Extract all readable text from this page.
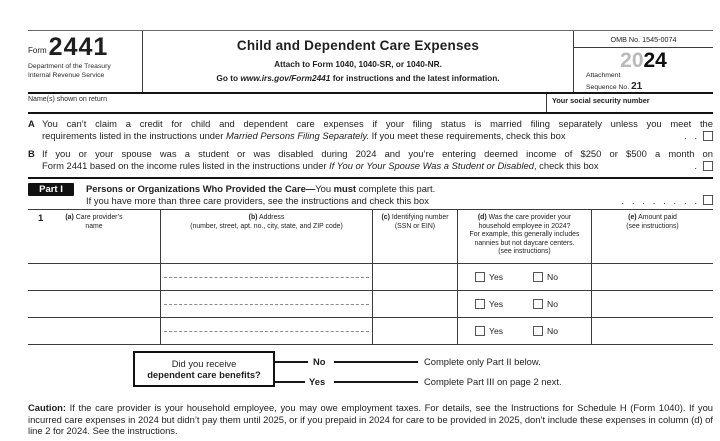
Form 2441
Department of the Treasury
Internal Revenue Service
Child and Dependent Care Expenses
Attach to Form 1040, 1040-SR, or 1040-NR.
Go to www.irs.gov/Form2441 for instructions and the latest information.
OMB No. 1545-0074
2024
Attachment
Sequence No. 21
Name(s) shown on return	Your social security number
A You can’t claim a credit for child and dependent care expenses if your filing status is married filing separately unless you meet the
requirements listed in the instructions under Married Persons Filing Separately. If you meet these requirements, check this box	.   .
B If you or your spouse was a student or was disabled during 2024 and you’re entering deemed income of $250 or $500 a month on
Form 2441 based on the income rules listed in the instructions under If You or Your Spouse Was a Student or Disabled, check this box	.
Part I	Persons or Organizations Who Provided the Care—You must complete this part.
If you have more than three care providers, see the instructions and check this box	.   .   .   .   .   .   .   .
1	(a) Care provider’s
name
(b) Address
(number, street, apt. no., city, state, and ZIP code)
(c) Identifying number
(SSN or EIN)
(d) Was the care provider your
household employee in 2024?
For example, this generally includes
nannies but not daycare centers.
(see instructions)
(e) Amount paid
(see instructions)
Yes	No
Yes	No
Yes	No
Did you receive
dependent care benefits?
No	Complete only Part II below.
Yes	Complete Part III on page 2 next.
Caution: If the care provider is your household employee, you may owe employment taxes. For details, see the Instructions for Schedule H (Form 1040). If you incurred care expenses in 2024 but didn’t pay them until 2025, or if you prepaid in 2024 for care to be provided in 2025, don’t include these expenses in column (d) of line 2 for 2024. See the instructions.
